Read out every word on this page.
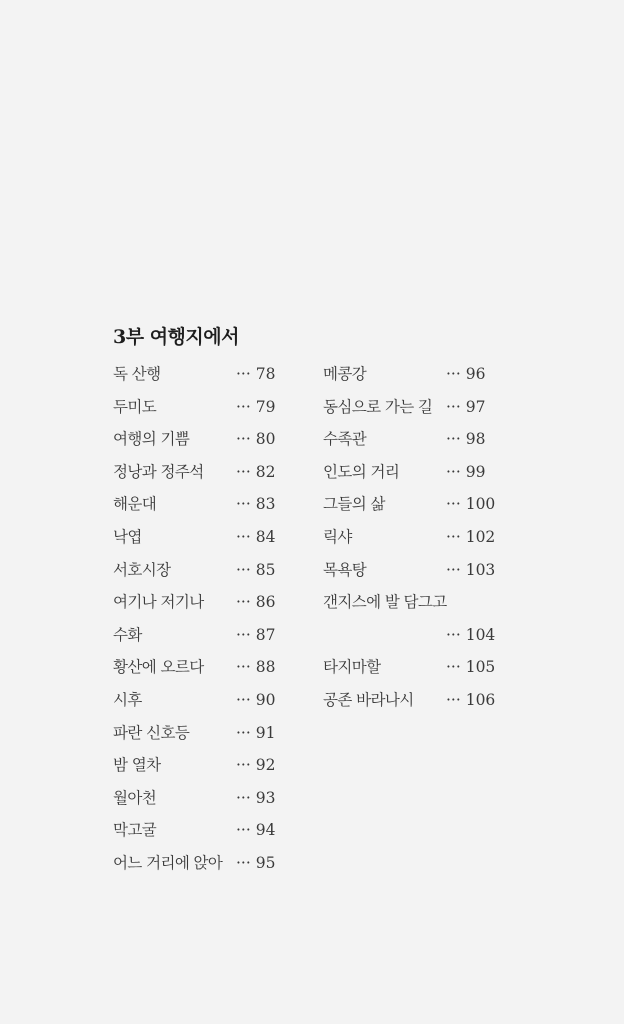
3부 여행지에서
독 산행	··· 78
두미도	··· 79
여행의 기쁨	··· 80
정낭과 정주석 ··· 82
해운대	··· 83
낙엽	··· 84
서호시장	··· 85
여기나 저기나 ··· 86
수화	··· 87
황산에 오르다 ··· 88
시후	··· 90
파란 신호등	··· 91
밤 열차	··· 92
월아천	··· 93
막고굴	··· 94
어느 거리에 앉아 ··· 95
메콩강	··· 96
동심으로 가는 길 ··· 97
수족관	··· 98
인도의 거리	··· 99
그들의 삶	··· 100
릭샤	··· 102
목욕탕	··· 103
갠지스에 발 담그고
··· 104
타지마할	··· 105
공존 바라나시 ··· 106
